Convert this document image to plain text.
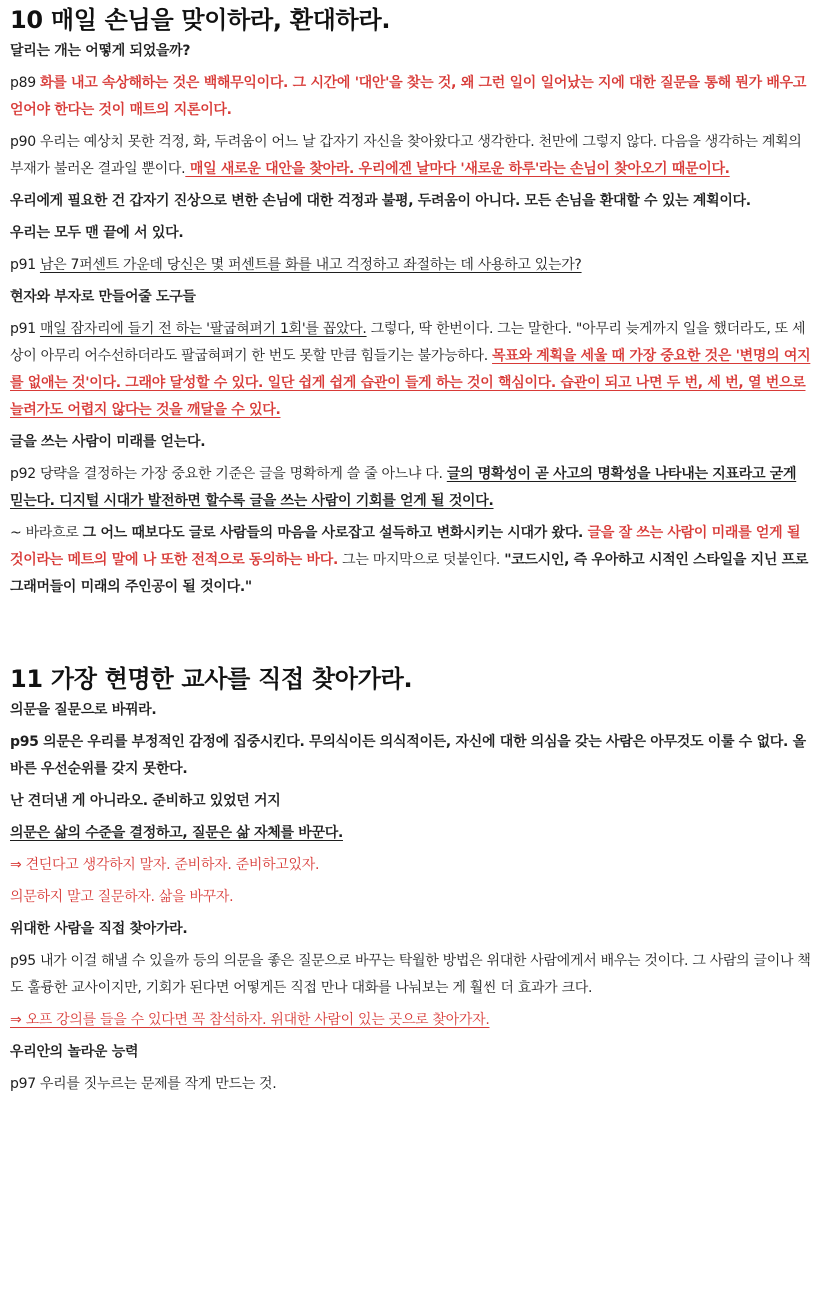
10 매일 손님을 맞이하라, 환대하라.

달리는 개는 어떻게 되었을까?

p89 화를 내고 속상해하는 것은 백해무익이다. 그 시간에 '대안'을 찾는 것, 왜 그런 일이 일어났는 지에 대한 질문을 통해 뭔가 배우고 얻어야 한다는 것이 매트의 지론이다.

p90 우리는 예상치 못한 걱정, 화, 두려움이 어느 날 갑자기 자신을 찾아왔다고 생각한다. 천만에 그렇지 않다. 다음을 생각하는 계획의 부재가 불러온 결과일 뿐이다. 매일 새로운 대안을 찾아라. 우리에겐 날마다 '새로운 하루'라는 손님이 찾아오기 때문이다.

우리에게 필요한 건 갑자기 진상으로 변한 손님에 대한 걱정과 불평, 두려움이 아니다. 모든 손님을 환대할 수 있는 계획이다.

우리는 모두 맨 끝에 서 있다.

p91 남은 7퍼센트 가운데 당신은 몇 퍼센트를 화를 내고 걱정하고 좌절하는 데 사용하고 있는가?

현자와 부자로 만들어줄 도구들

p91 매일 잠자리에 들기 전 하는 '팔굽혀펴기 1회'를 꼽았다. 그렇다, 딱 한번이다. 그는 말한다. "아무리 늦게까지 일을 했더라도, 또 세상이 아무리 어수선하더라도 팔굽혀펴기 한 번도 못할 만큼 힘들기는 불가능하다. 목표와 계획을 세울 때 가장 중요한 것은 '변명의 여지를 없애는 것'이다. 그래야 달성할 수 있다. 일단 쉽게 쉽게 습관이 들게 하는 것이 핵심이다. 습관이 되고 나면 두 번, 세 번, 열 번으로 늘려가도 어렵지 않다는 것을 깨달을 수 있다.

글을 쓰는 사람이 미래를 얻는다.

p92 당략을 결정하는 가장 중요한 기준은 글을 명확하게 쓸 줄 아느냐 다. 글의 명확성이 곧 사고의 명확성을 나타내는 지표라고 굳게 믿는다. 디지털 시대가 발전하면 할수록 글을 쓰는 사람이 기회를 얻게 될 것이다.

~ 바라흐로 그 어느 때보다도 글로 사람들의 마음을 사로잡고 설득하고 변화시키는 시대가 왔다. 글을 잘 쓰는 사람이 미래를 얻게 될 것이라는 메트의 말에 나 또한 전적으로 동의하는 바다. 그는 마지막으로 덧붙인다. "코드시인, 즉 우아하고 시적인 스타일을 지닌 프로그래머들이 미래의 주인공이 될 것이다."

11 가장 현명한 교사를 직접 찾아가라.

의문을 질문으로 바꿔라.

p95 의문은 우리를 부정적인 감정에 집중시킨다. 무의식이든 의식적이든, 자신에 대한 의심을 갖는 사람은 아무것도 이룰 수 없다. 올바른 우선순위를 갖지 못한다.

난 견더낸 게 아니라오. 준비하고 있었던 거지

의문은 삶의 수준을 결정하고, 질문은 삶 자체를 바꾼다.

⇒ 견딘다고 생각하지 말자. 준비하자. 준비하고있자.

의문하지 말고 질문하자. 삶을 바꾸자.

위대한 사람을 직접 찾아가라.

p95 내가 이걸 해낼 수 있을까 등의 의문을 좋은 질문으로 바꾸는 탁월한 방법은 위대한 사람에게서 배우는 것이다. 그 사람의 글이나 책도 훌륭한 교사이지만, 기회가 된다면 어떻게든 직접 만나 대화를 나눠보는 게 훨씬 더 효과가 크다.

⇒ 오프 강의를 들을 수 있다면 꼭 참석하자. 위대한 사람이 있는 곳으로 찾아가자.

우리안의 놀라운 능력

p97 우리를 짓누르는 문제를 작게 만드는 것.
